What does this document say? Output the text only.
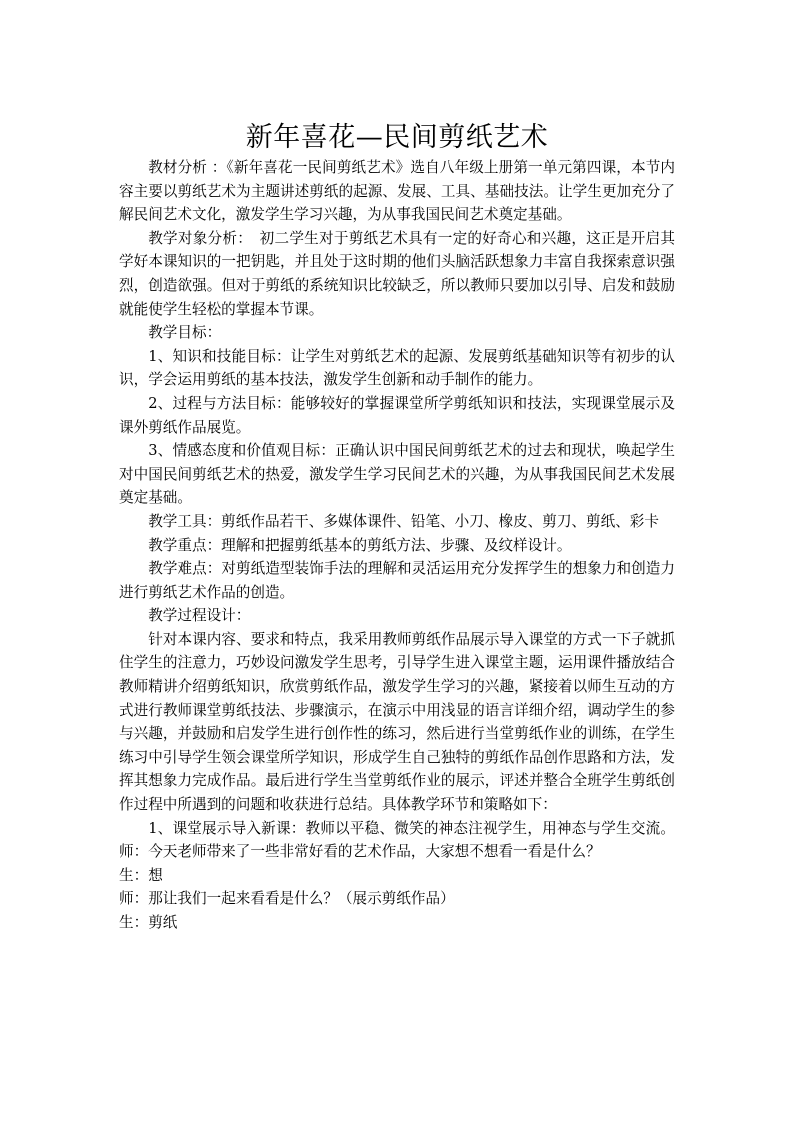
新年喜花—民间剪纸艺术

教材分析 ：《新年喜花一民间剪纸艺术》选自八年级上册第一单元第四课，本节内容主要以剪纸艺术为主题讲述剪纸的起源、发展、工具、基础技法。让学生更加充分了解民间艺术文化，激发学生学习兴趣，为从事我国民间艺术奠定基础。

教学对象分析：　初二学生对于剪纸艺术具有一定的好奇心和兴趣，这正是开启其学好本课知识的一把钥匙，并且处于这时期的他们头脑活跃想象力丰富自我探索意识强烈，创造欲强。但对于剪纸的系统知识比较缺乏，所以教师只要加以引导、启发和鼓励就能使学生轻松的掌握本节课。

教学目标：

1、知识和技能目标：让学生对剪纸艺术的起源、发展剪纸基础知识等有初步的认识，学会运用剪纸的基本技法，激发学生创新和动手制作的能力。

2、过程与方法目标：能够较好的掌握课堂所学剪纸知识和技法，实现课堂展示及课外剪纸作品展览。

3、情感态度和价值观目标：正确认识中国民间剪纸艺术的过去和现状，唤起学生对中国民间剪纸艺术的热爱，激发学生学习民间艺术的兴趣，为从事我国民间艺术发展奠定基础。

教学工具：剪纸作品若干、多媒体课件、铅笔、小刀、橡皮、剪刀、剪纸、彩卡

教学重点：理解和把握剪纸基本的剪纸方法、步骤、及纹样设计。

教学难点：对剪纸造型装饰手法的理解和灵活运用充分发挥学生的想象力和创造力进行剪纸艺术作品的创造。

教学过程设计：

针对本课内容、要求和特点，我采用教师剪纸作品展示导入课堂的方式一下子就抓住学生的注意力，巧妙设问激发学生思考，引导学生进入课堂主题，运用课件播放结合教师精讲介绍剪纸知识，欣赏剪纸作品，激发学生学习的兴趣，紧接着以师生互动的方式进行教师课堂剪纸技法、步骤演示，在演示中用浅显的语言详细介绍，调动学生的参与兴趣，并鼓励和启发学生进行创作性的练习，然后进行当堂剪纸作业的训练，在学生练习中引导学生领会课堂所学知识，形成学生自己独特的剪纸作品创作思路和方法，发挥其想象力完成作品。最后进行学生当堂剪纸作业的展示，评述并整合全班学生剪纸创作过程中所遇到的问题和收获进行总结。具体教学环节和策略如下：

1、课堂展示导入新课：教师以平稳、微笑的神态注视学生，用神态与学生交流。师：今天老师带来了一些非常好看的艺术作品，大家想不想看一看是什么？

生：想

师：那让我们一起来看看是什么？（展示剪纸作品）

生：剪纸
